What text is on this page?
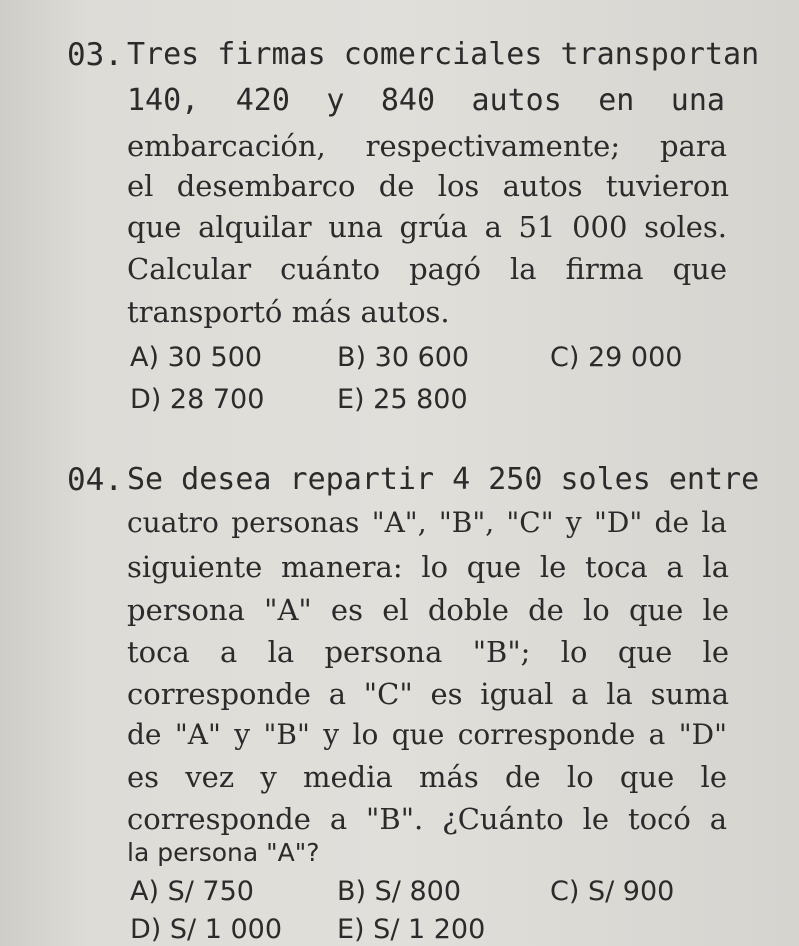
03. Tres firmas comerciales transportan
140, 420 y 840 autos en una
embarcación, respectivamente; para
el desembarco de los autos tuvieron
que alquilar una grúa a 51 000 soles.
Calcular cuánto pagó la firma que
transportó más autos.
A) 30 500	B) 30 600	C) 29 000
D) 28 700	E) 25 800
04. Se desea repartir 4 250 soles entre
cuatro personas "A", "B", "C" y "D" de la
siguiente manera: lo que le toca a la
persona "A" es el doble de lo que le
toca a la persona "B"; lo que le
corresponde a "C" es igual a la suma
de "A" y "B" y lo que corresponde a "D"
es vez y media más de lo que le
corresponde a "B". ¿Cuánto le tocó a
la persona "A"?
A) S/ 750	B) S/ 800	C) S/ 900
D) S/ 1 000 E) S/ 1 200
